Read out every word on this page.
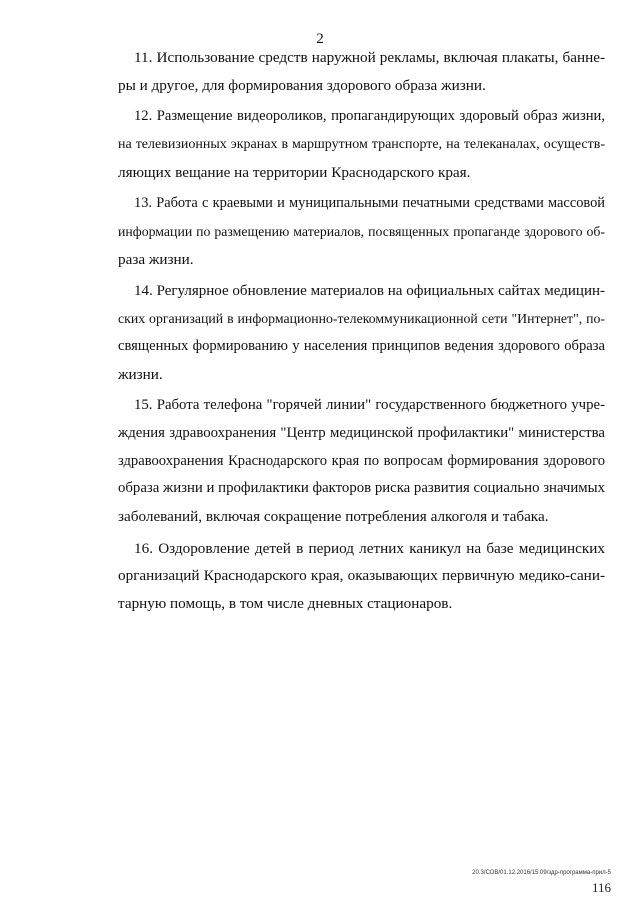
2
11. Использование средств наружной рекламы, включая плакаты, банне-
ры и другое, для формирования здорового образа жизни.
12. Размещение видеороликов, пропагандирующих здоровый образ жизни,
на телевизионных экранах в маршрутном транспорте, на телеканалах, осуществ-
ляющих вещание на территории Краснодарского края.
13. Работа с краевыми и муниципальными печатными средствами массовой
информации по размещению материалов, посвященных пропаганде здорового об-
раза жизни.
14. Регулярное обновление материалов на официальных сайтах медицин-
ских организаций в информационно-телекоммуникационной сети "Интернет", по-
священных формированию у населения принципов ведения здорового образа
жизни.
15. Работа телефона "горячей линии" государственного бюджетного учре-
ждения здравоохранения "Центр медицинской профилактики" министерства
здравоохранения Краснодарского края по вопросам формирования здорового
образа жизни и профилактики факторов риска развития социально значимых
заболеваний, включая сокращение потребления алкоголя и табака.
16. Оздоровление детей в период летних каникул на базе медицинских
организаций Краснодарского края, оказывающих первичную медико-сани-
тарную помощь, в том числе дневных стационаров.
20.3/СОВ/01.12.2016/15:09/здр-программа-прил-5
116
